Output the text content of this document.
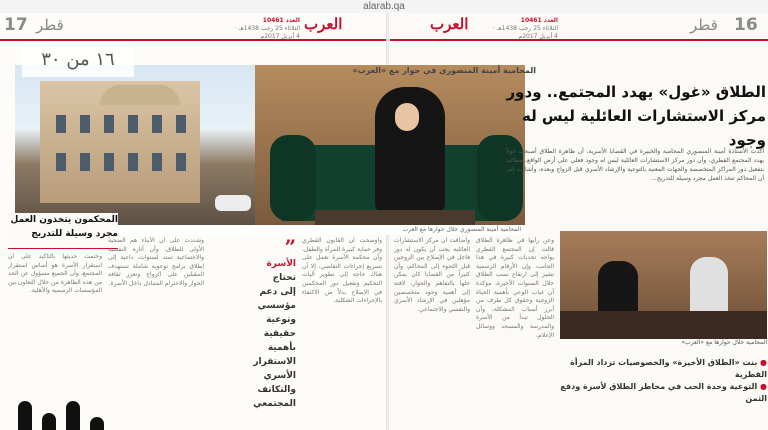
alarab.qa
17 قطر	العرب
العدد 10461
الثلاثاء 25 رجب 1438هـ · 4 أبريل 2017م
العرب	العدد 10461
الثلاثاء 25 رجب 1438هـ · 4 أبريل 2017م
قطر 16
المحامية أمينة المنصوري خلال حوارها مع العرب
١٦ من ٣٠
المحامية أمينة المنصوري في حوار مع «العرب»
الطلاق «غول» يهدد المجتمع.. ودور
مركز الاستشارات العائلية ليس له وجود
أكدت الأستاذة أمينة المنصوري المحامية والخبيرة في القضايا الأسرية، أن ظاهرة الطلاق أصبحت غولاً يهدد المجتمع القطري، وأن دور مركز الاستشارات العائلية ليس له وجود فعلي على أرض الواقع، مطالبة بتفعيل دور المراكز المتخصصة والجهات المعنية بالتوعية والإرشاد الأسري قبل الزواج وبعده، وأشارت إلى أن المحاكم تتخذ العمل مجرد وسيلة للتدريج...
المحكمون يتخذون العمل
مجرد وسيلة للتدريج
وختمت حديثها بالتأكيد على أن استقرار الأسرة هو أساس استقرار المجتمع، وأن الجميع مسؤول عن الحد من هذه الظاهرة من خلال التعاون بين المؤسسات الرسمية والأهلية.
وشددت على أن الأبناء هم الضحية الأولى للطلاق، وأن آثاره النفسية والاجتماعية تمتد لسنوات، داعية إلى إطلاق برامج توعوية شاملة تستهدف المقبلين على الزواج وتعزز ثقافة الحوار والاحترام المتبادل داخل الأسرة.
”
الأسرة
تحتاج
إلى دعم
مؤسسي
وتوعية
حقيقية
بأهمية
الاستقرار
الأسري
والتكاتف
المجتمعي
وأوضحت أن القانون القطري وفر حماية كبيرة للمرأة والطفل، وأن محكمة الأسرة تعمل على تسريع إجراءات التقاضي، إلا أن هناك حاجة إلى تطوير آليات التحكيم وتفعيل دور المحكمين في الإصلاح بدلاً من الاكتفاء بالإجراءات الشكلية.
وأضافت أن مركز الاستشارات العائلية يجب أن يكون له دور فاعل في الإصلاح بين الزوجين قبل اللجوء إلى المحاكم، وأن كثيراً من القضايا كان يمكن حلها بالتفاهم والحوار، لافتة إلى أهمية وجود متخصصين مؤهلين في الإرشاد الأسري والنفسي والاجتماعي.
وعن رأيها في ظاهرة الطلاق قالت إن المجتمع القطري يواجه تحديات كبيرة في هذا الجانب، وإن الأرقام الرسمية تشير إلى ارتفاع نسب الطلاق خلال السنوات الأخيرة، مؤكدة أن غياب الوعي بأهمية الحياة الزوجية وحقوق كل طرف من أبرز أسباب المشكلة، وأن الحلول تبدأ من الأسرة والمدرسة والمسجد ووسائل الإعلام.
المحامية خلال حوارها مع «العرب»
● بنت «الطلاق الأخيرة» والخصوصيات تزداد المرأة القطرية
● التوعية وحدة الحب في مخاطر الطلاق لأسرة ودفع الثمن
